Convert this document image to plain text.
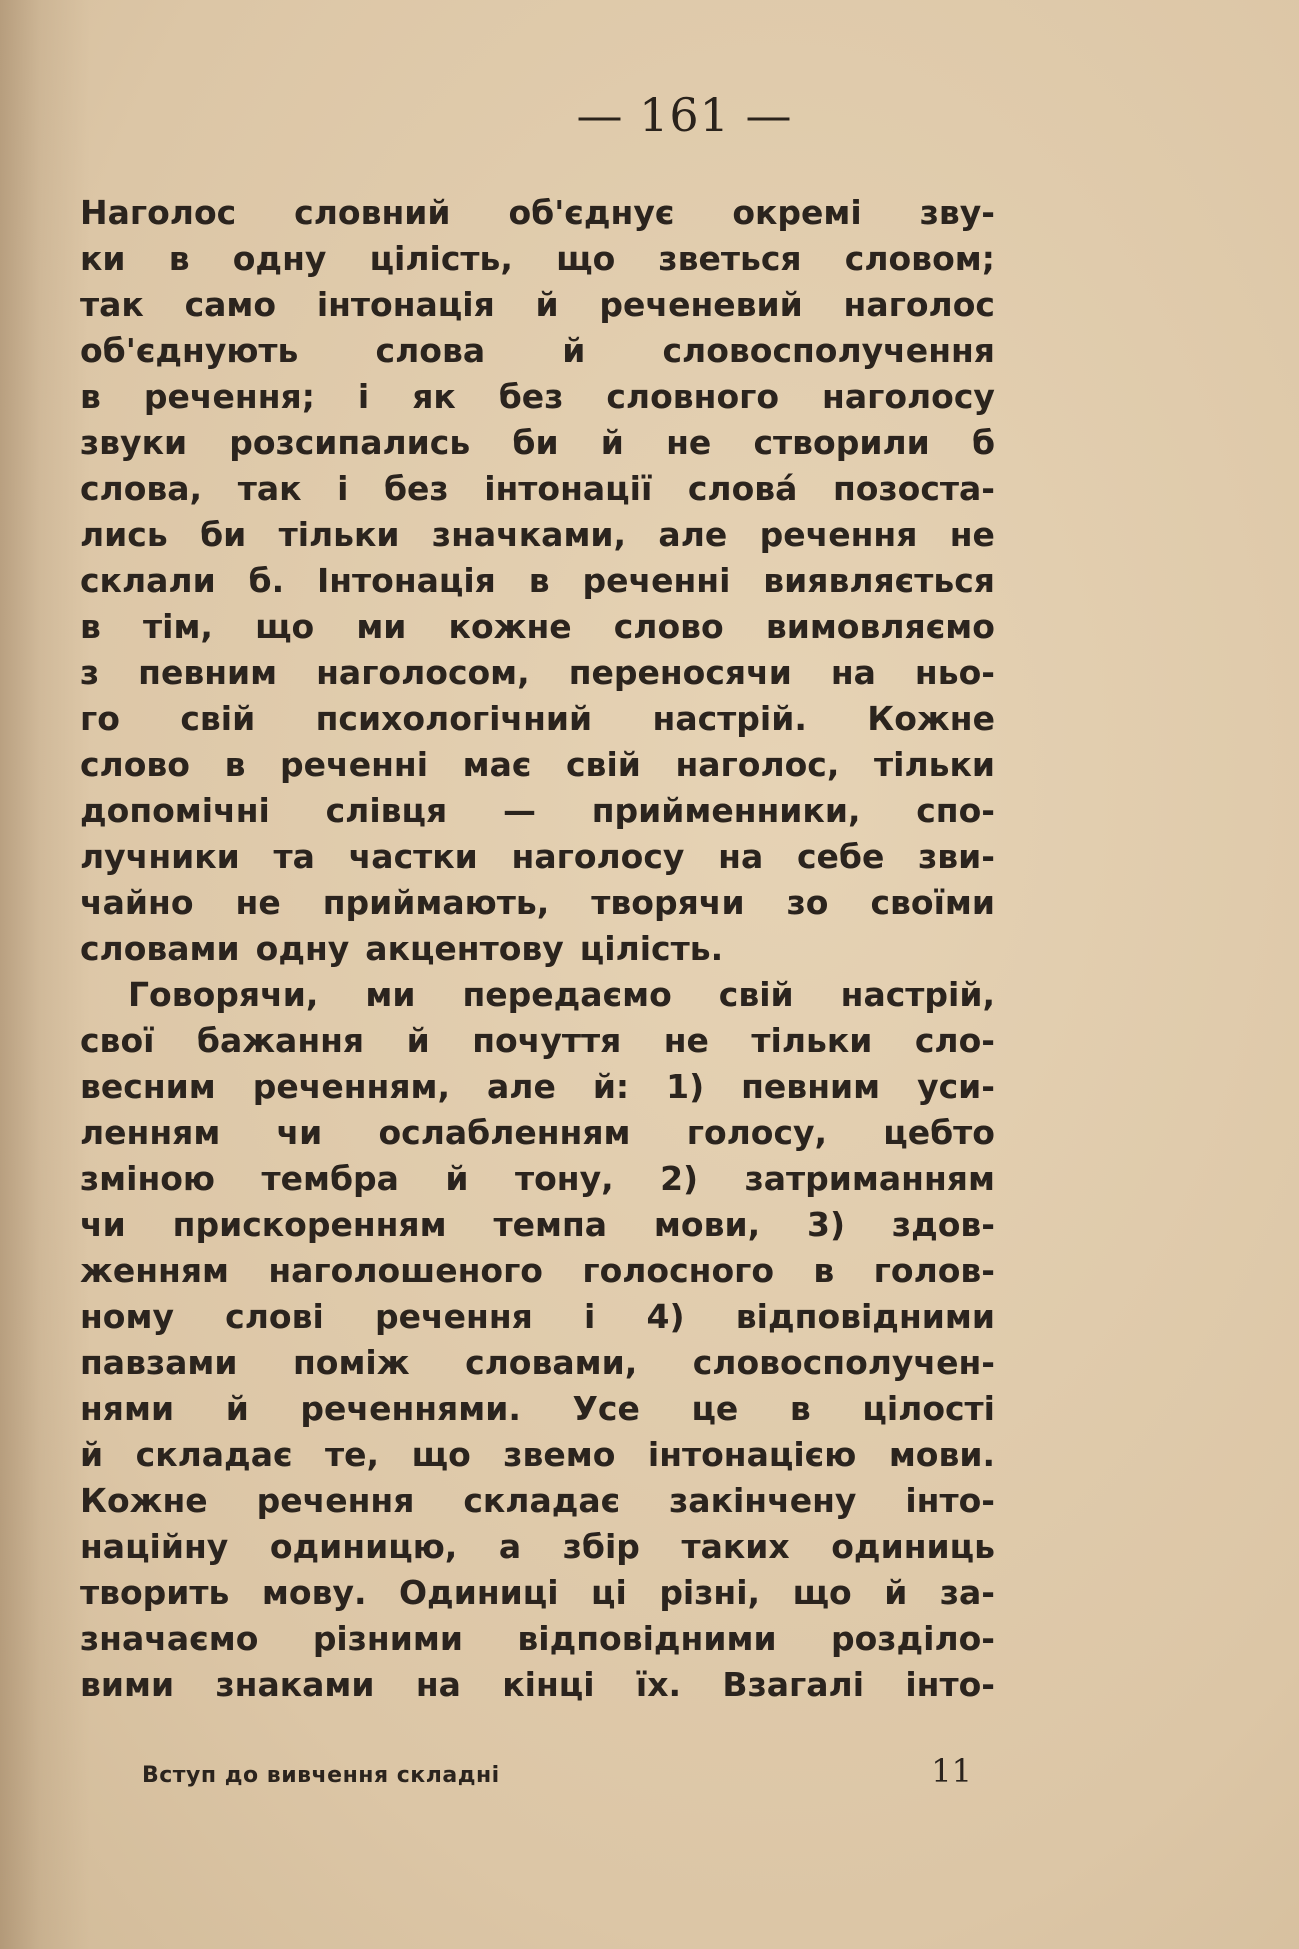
— 161 —
Наголос словний об'єднує окремі зву-
ки в одну цілість, що зветься словом;
так само інтонація й реченевий наголос
об'єднують слова й словосполучення
в речення; і як без словного наголосу
звуки розсипались би й не створили б
слова, так і без інтонації слова́ позоста-
лись би тільки значками, але речення не
склали б. Інтонація в реченні виявляється
в тім, що ми кожне слово вимовляємо
з певним наголосом, переносячи на ньо-
го свій психологічний настрій. Кожне
слово в реченні має свій наголос, тільки
допомічні слівця — прийменники, спо-
лучники та частки наголосу на себе зви-
чайно не приймають, творячи зо своїми
словами одну акцентову цілість.
Говорячи, ми передаємо свій настрій,
свої бажання й почуття не тільки сло-
весним реченням, але й: 1) певним уси-
ленням чи ослабленням голосу, цебто
зміною тембра й тону, 2) затриманням
чи прискоренням темпа мови, 3) здов-
женням наголошеного голосного в голов-
ному слові речення і 4) відповідними
павзами поміж словами, словосполучен-
нями й реченнями. Усе це в цілості
й складає те, що звемо інтонацією мови.
Кожне речення складає закінчену інто-
наційну одиницю, а збір таких одиниць
творить мову. Одиниці ці різні, що й за-
значаємо різними відповідними розділо-
вими знаками на кінці їх. Взагалі інто-
Вступ до вивчення складні	11
